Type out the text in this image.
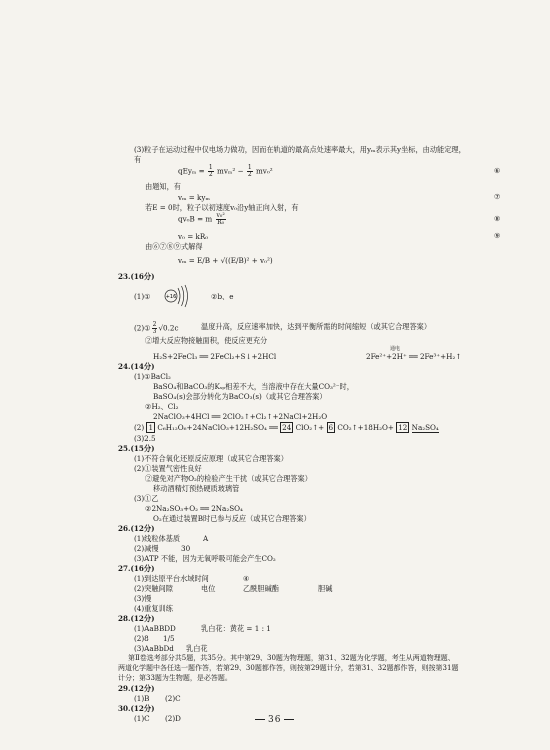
(3)粒子在运动过程中仅电场力做功，因而在轨道的最高点处速率最大，用yₘ表示其y坐标，由动能定理，
有
$qEy_m = \frac{1}{2} mv_m^2 - \frac{1}{2} mv_0^2$	⑥
由题知，有
vₘ = kyₘ	⑦
若E = 0时，粒子以初速度v₀沿y轴正向入射，有
qv₀B = m $\frac{\text{v₀²}}{\text{R₀}}$	⑧
v₀ = kR₀	⑨
由⑥⑦⑧⑨式解得
vₘ = E/B + √((E/B)² + v₀²)
23.(16分)
(1)①	+16	②b、e
(2)① $\frac{2}{3} √0.2c$	温度升高，反应速率加快，达到平衡所需的时间缩短（或其它合理答案）
②增大反应物接触面积，使反应更充分
H₂S+2FeCl₃ ══ 2FeCl₂+S↓+2HCl	2Fe²⁺+2H⁺ ══ 2Fe³⁺+H₂↑
通电
24.(14分)
(1)①BaCl₂
BaSO₄和BaCO₃的Kₛₚ相差不大，当溶液中存在大量CO₃²⁻时，
BaSO₄(s)会部分转化为BaCO₃(s)（或其它合理答案）
②H₂、Cl₂
2NaClO₃+4HCl ══ 2ClO₂↑+Cl₂↑+2NaCl+2H₂O
(2) 1 C₆H₁₂O₆+24NaClO₃+12H₂SO₄ ══ 24 ClO₂↑+ 6 CO₂↑+18H₂O+ 12 Na₂SO₄
(3)2.5
25.(15分)
(1)不符合氧化还原反应原理（或其它合理答案）
(2)①装置气密性良好
②避免对产物O₂的检验产生干扰（或其它合理答案）
移动酒精灯预热硬质玻璃管
(3)①乙
②2Na₂SO₃+O₂ ══ 2Na₂SO₄
O₂在通过装置B时已参与反应（或其它合理答案）
26.(12分)
(1)线粒体基质	A
(2)减慢	30
(3)ATP 不能，因为无氧呼吸可能会产生CO₂
27.(16分)
(1)到达原平台水域时间	④
(2)突触间隙	电位	乙酰胆碱酯	胆碱
(3)慢
(4)重复训练
28.(12分)
(1)AaBBDD	乳白花：黄花 = 1 : 1
(2)8 1/5
(3)AaBbDd 乳白花
第Ⅱ卷选考部分共5题，共35分。其中第29、30题为物理题，第31、32题为化学题，考生从两道物理题、
两道化学题中各任选一题作答，若第29、30题都作答，则按第29题计分，若第31、32题都作答，则按第31题
计分；第33题为生物题，是必答题。
29.(12分)
(1)B (2)C
30.(12分)
(1)C (2)D	36
